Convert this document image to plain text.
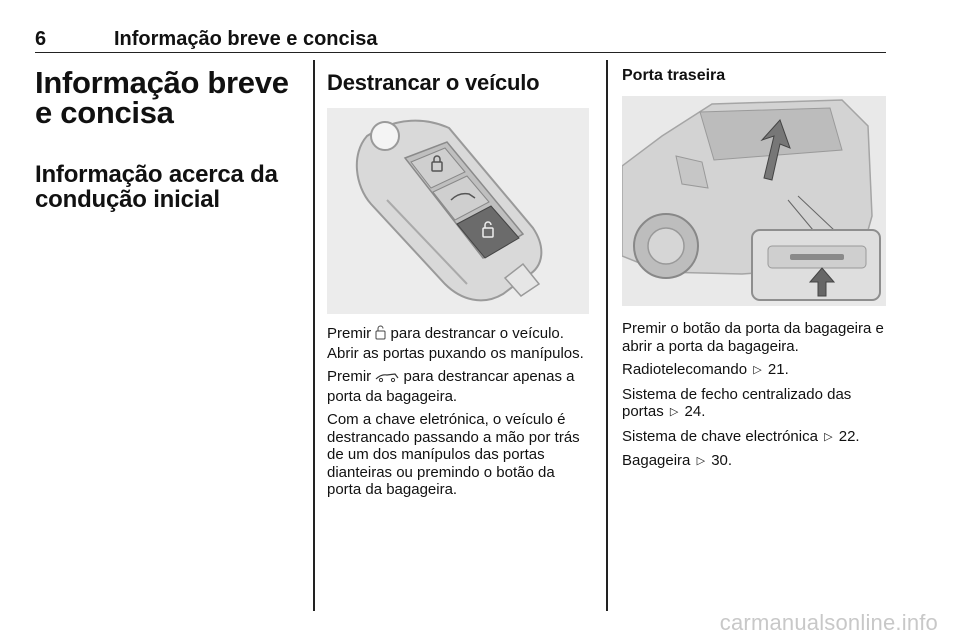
6	Informação breve e concisa
Informação breve e concisa
Informação acerca da condução inicial
Destrancar o veículo

Premir para destrancar o veículo. Abrir as portas puxando os manípulos.

Premir para destrancar apenas a porta da bagageira.

Com a chave eletrónica, o veículo é destrancado passando a mão por trás de um dos manípulos das portas dianteiras ou premindo o botão da porta da bagageira.

Porta traseira

Premir o botão da porta da bagageira e abrir a porta da bagageira.

Radiotelecomando ▷ 21.

Sistema de fecho centralizado das portas ▷ 24.

Sistema de chave electrónica ▷ 22.

Bagageira ▷ 30.

carmanualsonline.info
